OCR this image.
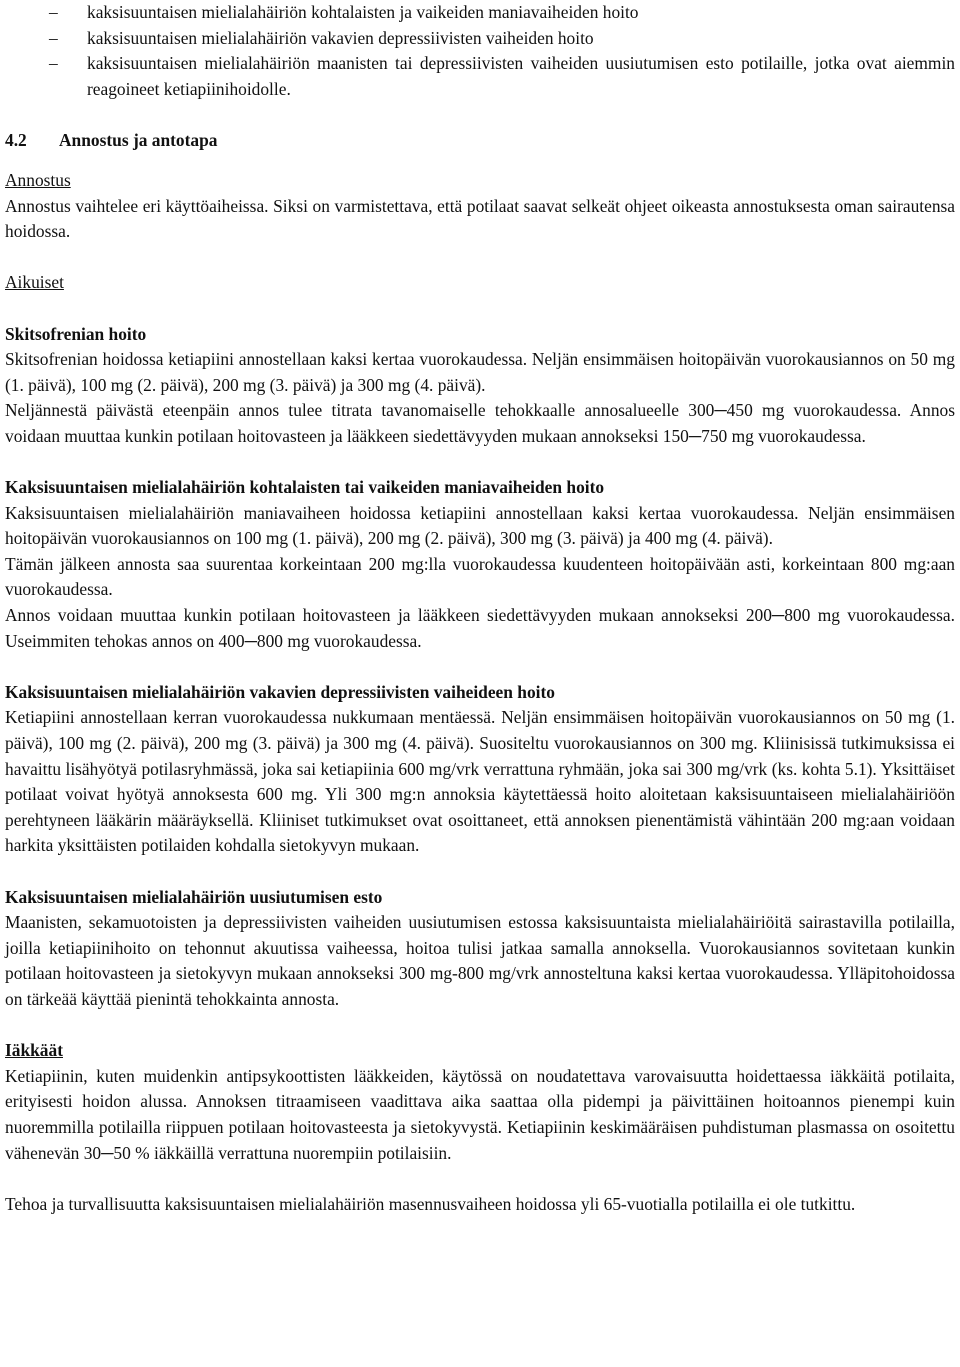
–	kaksisuuntaisen mielialahäiriön kohtalaisten ja vaikeiden maniavaiheiden hoito

–	kaksisuuntaisen mielialahäiriön vakavien depressiivisten vaiheiden hoito

–	kaksisuuntaisen mielialahäiriön maanisten tai depressiivisten vaiheiden uusiutumisen esto potilaille, jotka ovat aiemmin reagoineet ketiapiinihoidolle.

4.2 Annostus ja antotapa

Annostus

Annostus vaihtelee eri käyttöaiheissa. Siksi on varmistettava, että potilaat saavat selkeät ohjeet oikeasta annostuksesta oman sairautensa hoidossa.

Aikuiset

Skitsofrenian hoito

Skitsofrenian hoidossa ketiapiini annostellaan kaksi kertaa vuorokaudessa. Neljän ensimmäisen hoitopäivän vuorokausiannos on 50 mg (1. päivä), 100 mg (2. päivä), 200 mg (3. päivä) ja 300 mg (4. päivä).

Neljännestä päivästä eteenpäin annos tulee titrata tavanomaiselle tehokkaalle annosalueelle 300─450 mg vuorokaudessa. Annos voidaan muuttaa kunkin potilaan hoitovasteen ja lääkkeen siedettävyyden mukaan annokseksi 150─750 mg vuorokaudessa.

Kaksisuuntaisen mielialahäiriön kohtalaisten tai vaikeiden maniavaiheiden hoito

Kaksisuuntaisen mielialahäiriön maniavaiheen hoidossa ketiapiini annostellaan kaksi kertaa vuorokaudessa. Neljän ensimmäisen hoitopäivän vuorokausiannos on 100 mg (1. päivä), 200 mg (2. päivä), 300 mg (3. päivä) ja 400 mg (4. päivä).

Tämän jälkeen annosta saa suurentaa korkeintaan 200 mg:lla vuorokaudessa kuudenteen hoitopäivään asti, korkeintaan 800 mg:aan vuorokaudessa.

Annos voidaan muuttaa kunkin potilaan hoitovasteen ja lääkkeen siedettävyyden mukaan annokseksi 200─800 mg vuorokaudessa. Useimmiten tehokas annos on 400─800 mg vuorokaudessa.

Kaksisuuntaisen mielialahäiriön vakavien depressiivisten vaiheideen hoito

Ketiapiini annostellaan kerran vuorokaudessa nukkumaan mentäessä. Neljän ensimmäisen hoitopäivän vuorokausiannos on 50 mg (1. päivä), 100 mg (2. päivä), 200 mg (3. päivä) ja 300 mg (4. päivä). Suositeltu vuorokausiannos on 300 mg. Kliinisissä tutkimuksissa ei havaittu lisähyötyä potilasryhmässä, joka sai ketiapiinia 600 mg/vrk verrattuna ryhmään, joka sai 300 mg/vrk (ks. kohta 5.1). Yksittäiset potilaat voivat hyötyä annoksesta 600 mg. Yli 300 mg:n annoksia käytettäessä hoito aloitetaan kaksisuuntaiseen mielialahäiriöön perehtyneen lääkärin määräyksellä. Kliiniset tutkimukset ovat osoittaneet, että annoksen pienentämistä vähintään 200 mg:aan voidaan harkita yksittäisten potilaiden kohdalla sietokyvyn mukaan.

Kaksisuuntaisen mielialahäiriön uusiutumisen esto

Maanisten, sekamuotoisten ja depressiivisten vaiheiden uusiutumisen estossa kaksisuuntaista mielialahäiriöitä sairastavilla potilailla, joilla ketiapiinihoito on tehonnut akuutissa vaiheessa, hoitoa tulisi jatkaa samalla annoksella. Vuorokausiannos sovitetaan kunkin potilaan hoitovasteen ja sietokyvyn mukaan annokseksi 300 mg-800 mg/vrk annosteltuna kaksi kertaa vuorokaudessa. Ylläpitohoidossa on tärkeää käyttää pienintä tehokkainta annosta.

Iäkkäät

Ketiapiinin, kuten muidenkin antipsykoottisten lääkkeiden, käytössä on noudatettava varovaisuutta hoidettaessa iäkkäitä potilaita, erityisesti hoidon alussa. Annoksen titraamiseen vaadittava aika saattaa olla pidempi ja päivittäinen hoitoannos pienempi kuin nuoremmilla potilailla riippuen potilaan hoitovasteesta ja sietokyvystä. Ketiapiinin keskimääräisen puhdistuman plasmassa on osoitettu vähenevän 30─50 % iäkkäillä verrattuna nuorempiin potilaisiin.

Tehoa ja turvallisuutta kaksisuuntaisen mielialahäiriön masennusvaiheen hoidossa yli 65-vuotialla potilailla ei ole tutkittu.
